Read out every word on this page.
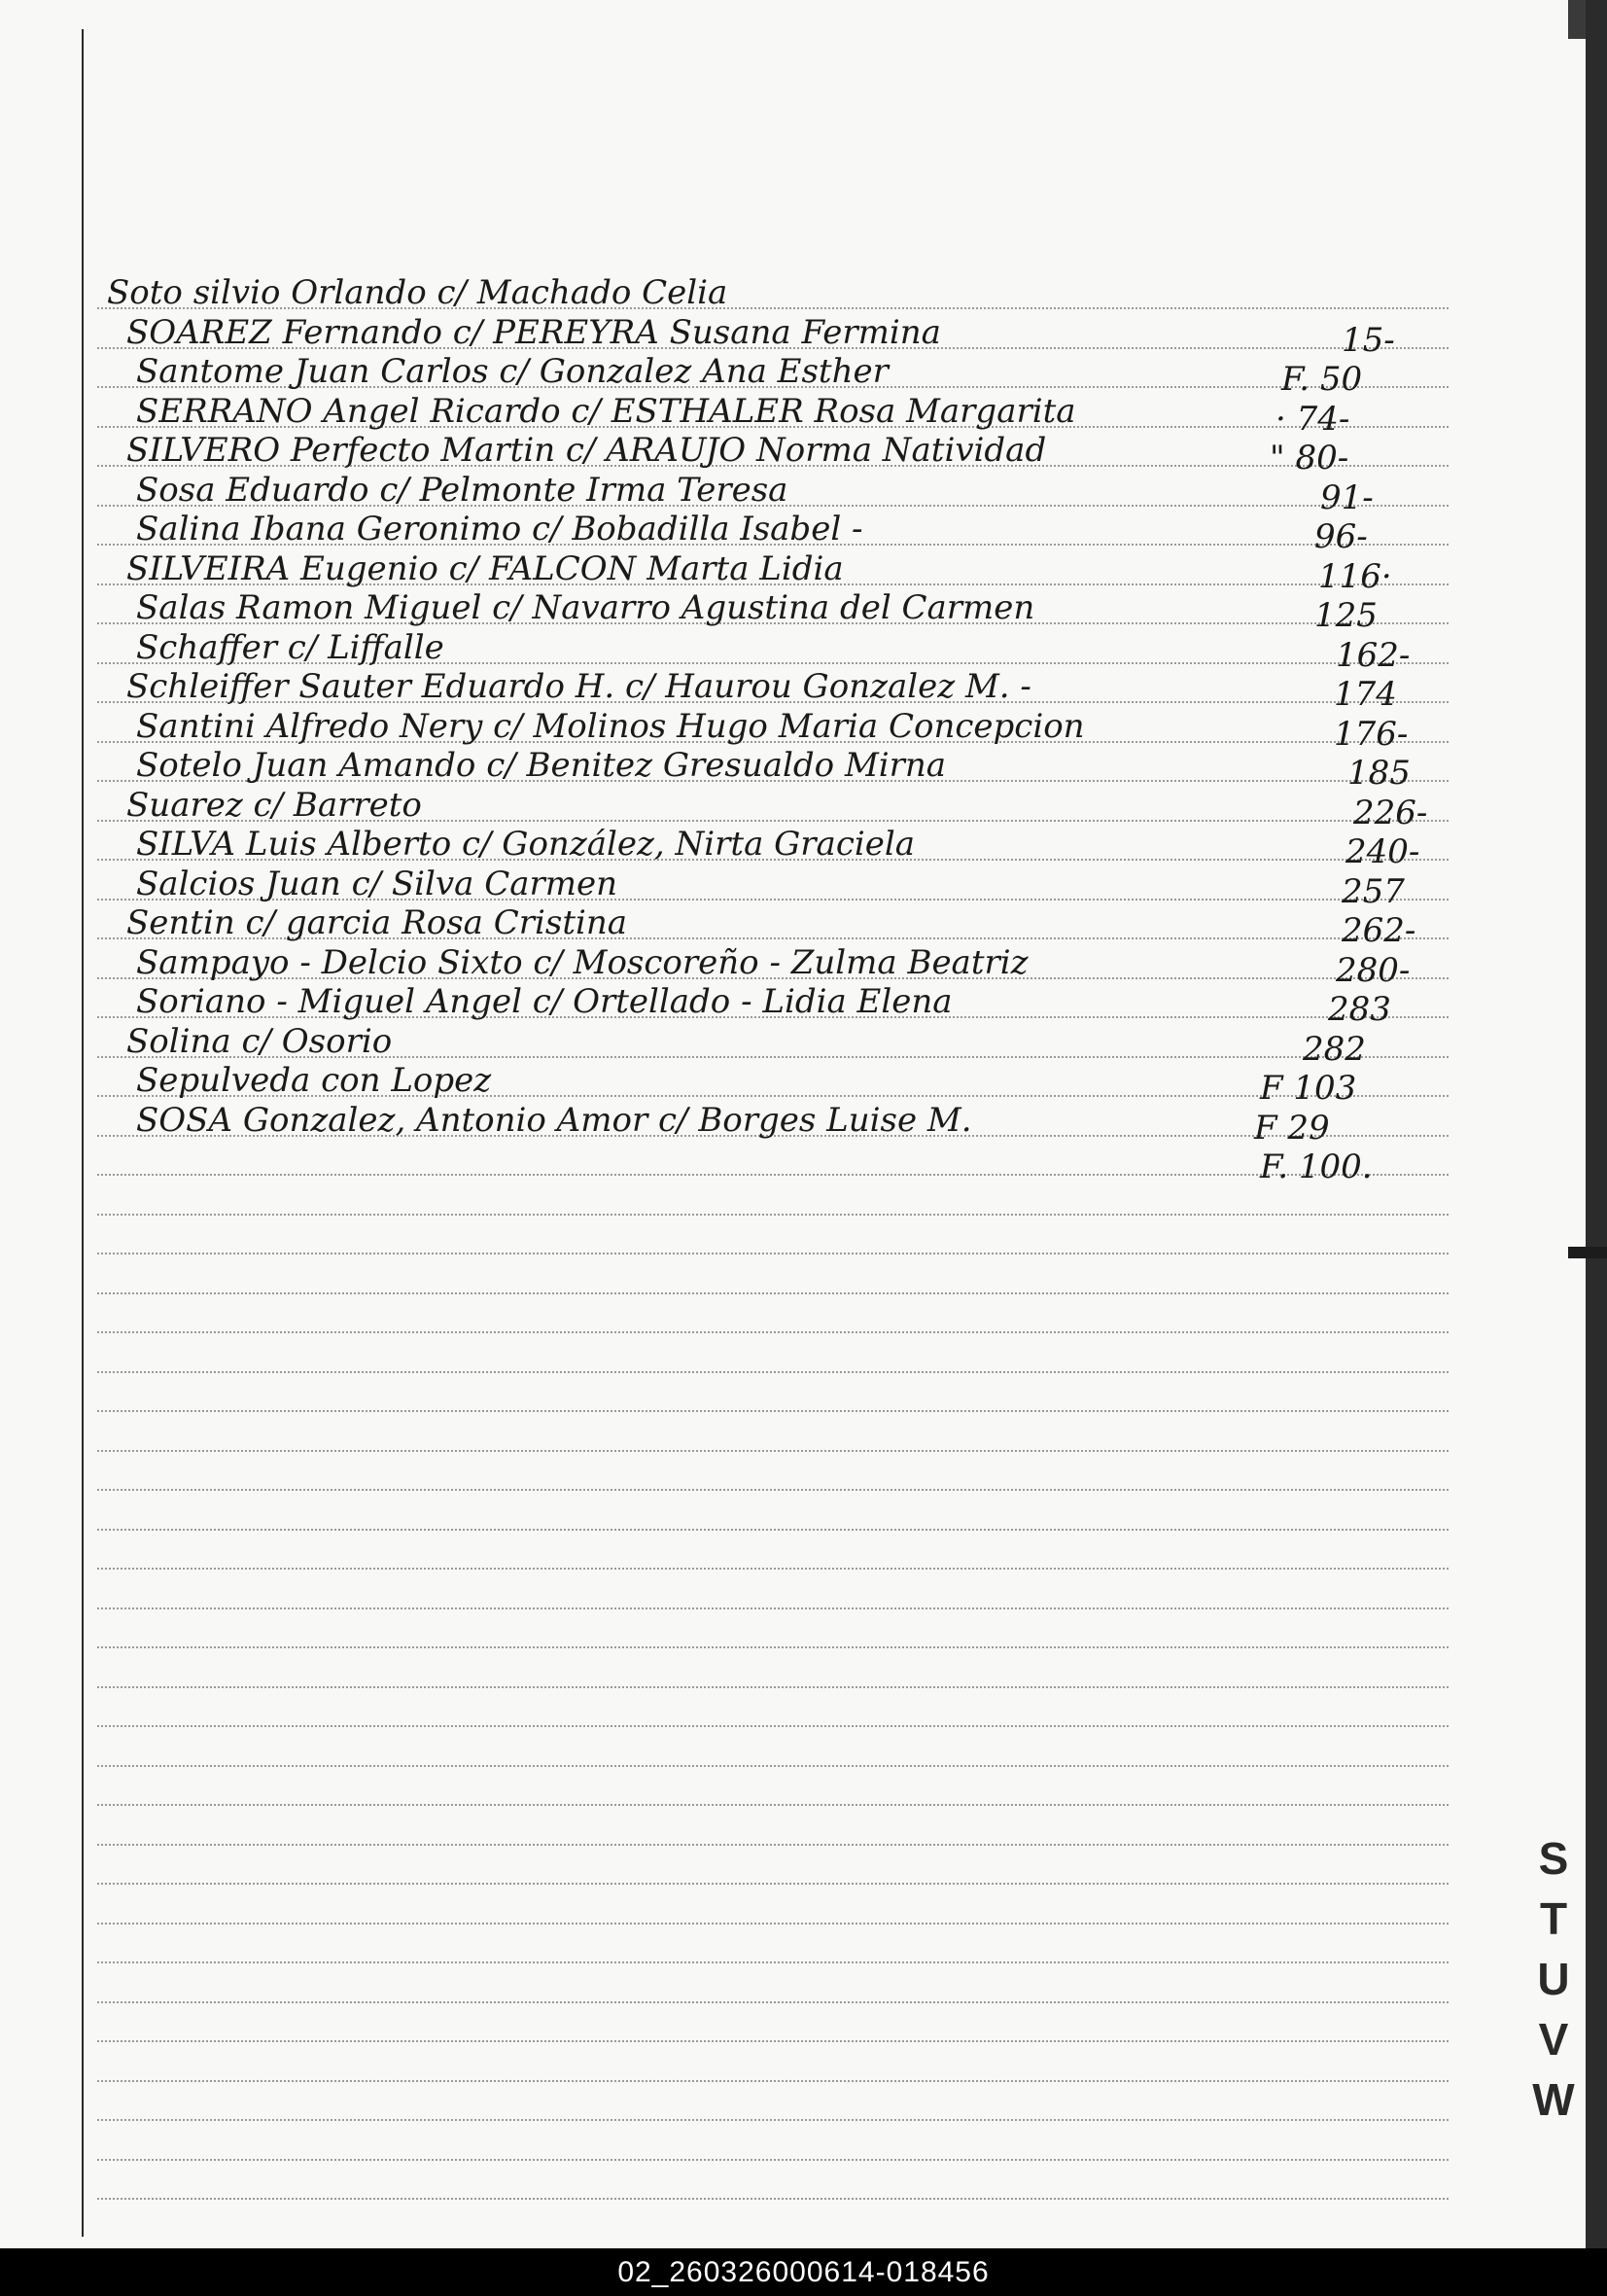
Soto silvio Orlando c/ Machado Celia
SOAREZ Fernando c/ PEREYRA Susana Fermina	15-
Santome Juan Carlos c/ Gonzalez Ana Esther	F. 50
SERRANO Angel Ricardo c/ ESTHALER Rosa Margarita	· 74-
SILVERO Perfecto Martin c/ ARAUJO Norma Natividad	" 80-
Sosa Eduardo c/ Pelmonte Irma Teresa	91-
Salina Ibana Geronimo c/ Bobadilla Isabel -	96-
SILVEIRA Eugenio c/ FALCON Marta Lidia	116·
Salas Ramon Miguel c/ Navarro Agustina del Carmen	125
Schaffer c/ Liffalle	162-
Schleiffer Sauter Eduardo H. c/ Haurou Gonzalez M. -	174
Santini Alfredo Nery c/ Molinos Hugo Maria Concepcion	176-
Sotelo Juan Amando c/ Benitez Gresualdo Mirna	185
Suarez c/ Barreto	226-
SILVA Luis Alberto c/ González, Nirta Graciela	240-
Salcios Juan c/ Silva Carmen	257
Sentin c/ garcia Rosa Cristina	262-
Sampayo - Delcio Sixto c/ Moscoreño - Zulma Beatriz	280-
Soriano - Miguel Angel c/ Ortellado - Lidia Elena	283
Solina c/ Osorio	282
Sepulveda con Lopez	F 103
SOSA Gonzalez, Antonio Amor c/ Borges Luise M.	F 29
F. 100.
S
T
U
V
W
02_260326000614-018456
